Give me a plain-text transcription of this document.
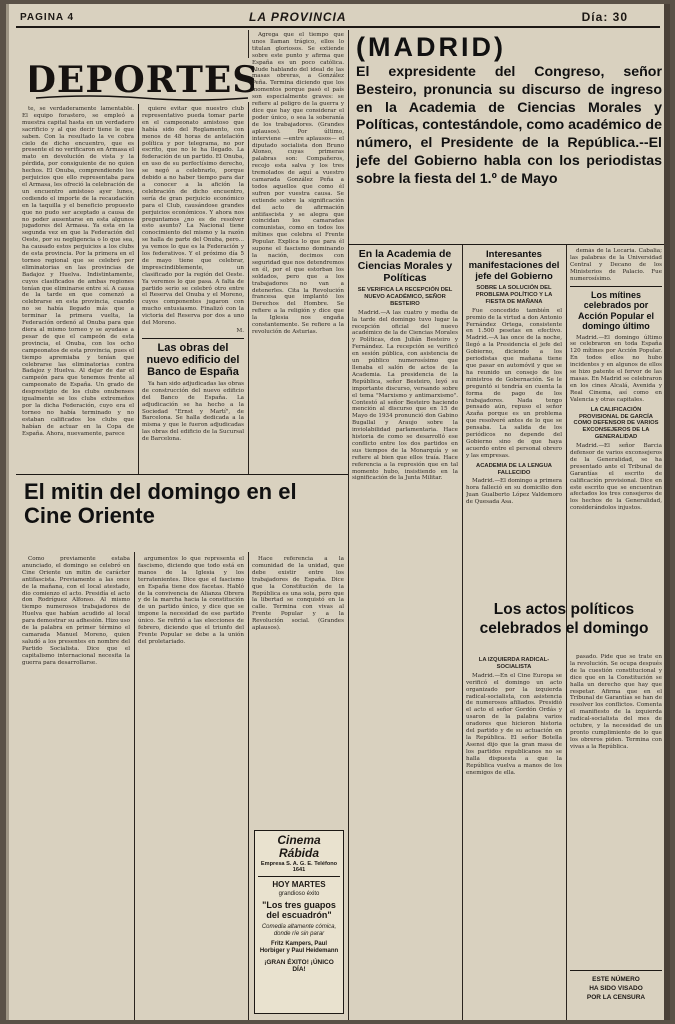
PAGINA 4	LA PROVINCIA	Día: 30
DEPORTES

te, se verdaderamente lamentable. El equipo forastero, se empleó a muestra capital hasta en un verdadero sacrificio y al que decir tiene le que saben. Con la resultado la ve cobra cielo de dicho encuentro, que es presente el no verificaron en Armasa el mato en devolución de vista y la pérdida, por consiguiente de no quien hechos. El Onuba, comprendiendo los perjuicios que ello representaba para el Armasa, les ofreció la celebración de un encuentro amistoso ayer lunes, cediendo el importe de la recaudación en la taquilla y el beneficio propuesto que no pudo ser aceptado a causa de no poder ausentarse en esta algunos jugadores del Armasa. Ya esta en la segunda vez en que la Federación del Oeste, por su negligencia o lo que sea, ha causado estos perjuicios a los clubs de esta provincia. Por la primera en el torneo regional que se celebró por eliminatorias en las provincias de Badajoz y Huelva. Indistintamente, cuyos clasificados de ambas regiones tenían que eliminarse entre sí. A causa de la tarde en que comenzó a celebrarse en esta provincia, cuando no se había llegado más que a terminar la primera vuelta, la Federación ordenó al Onuba para que diera al mismo torneo y se ayudase a pesar de que el campeón de esta provincia, el Onuba, con los ocho campeonatos de esta provincia, pues el tiempo apremiaba y tenían que celebrarse las eliminatorias contra Badajoz y Huelva. Al dejar de dar el campeón para que tenemos frente al campeonato de España. Un grado de desprestigio de los clubs onubenses igualmente se los clubs extremeños por la dicha Federación, cuyo era el torneo no había terminado y no estaban calificados los clubs que habían de actuar en la Copa de España. Ahora, nuevamente, parece

quiere evitar que nuestro club representativo pueda tomar parte en el campeonato amistoso que había sido del Reglamento, con menos de 48 horas de antelación política y por telegrama, no por escrito, que no le ha llegado. La federación de un partido. El Onuba, en uso de su perfectísimo derecho, se negó a celebrarlo, porque debido a no haber tiempo para dar a conocer a la afición la celebración de dicho encuentro, sería de gran perjuicio económico para el Club, causándose grandes perjuicios económicos. Y ahora nos preguntamos ¿no es de resolver esto asunto? La Nacional tiene conocimiento del mismo y la razón se halla de parte del Onuba, pero... ya vemos lo que es la Federación y los federativos. Y el próximo día 5 de mayo tiene que celebrar, imprescindiblemente, un clasificado por la región del Oeste. Ya veremos lo que pasa. A falta de partido serio se celebró otro entre el Reserva del Onuba y el Moreno, cuyos componentes jugaron con mucho entusiasmo. Finalizó con la victoria del Reserva por dos a uno del Moreno.

M.

Las obras del nuevo edificio del Banco de España

Ya han sido adjudicadas las obras de construcción del nuevo edificio del Banco de España. La adjudicación se ha hecho a la Sociedad "Ernst y Martí", de Barcelona. Se halla dedicada a la misma y que le fueron adjudicadas las obras del edificio de la Sucursal de Barcelona.

Agrega que el tiempo que unos llaman trágico, ellos lo titulan gloriosos. Se extiende sobre este punto y afirma que España es un poco católica. Alude hablando del ideal de las masas obreras, a González Peña. Termina diciendo que los momentos porque pasó el país son especialmente graves: se refiere al peligro de la guerra y dice que hay que considerar el poder único, o sea la soberanía de los trabajadores. (Grandes aplausos). Por último, interviene —entre aplausos— el diputado socialista don Bruno Alonso, cuyas primeras palabras son: Compañeros, recojo esta salva y los tres tremolados de aquí a vuestro camarada González Peña a todos aquellos que como él sufren por vuestra causa. Se extiende sobre la significación del acto de afirmación antifascista y se alegra que coincidan los camaradas comunistas, como en todos los mítines que celebra el Frente Popular. Explica lo que para él supone el fascismo dominando la nación, decimos con seguridad que nos detendremos en él, por el que estorban los soldados, pero que a los trabajadores no van a detenerles. Cita la Revolución francesa que implantó los Derechos del Hombre. Se refiere a la religión y dice que la Iglesia nos engaña constantemente. Se refiere a la revolución de Asturias.

El mitin del domingo en el Cine Oriente

Como previamente estaba anunciado, el domingo se celebró en Cine Oriente un mitin de carácter antifascista. Previamente a las once de la mañana, con el local atestado, dio comienzo el acto. Presidía el acto don Rodríguez Alfonso. Al mismo tiempo numerosos trabajadores de Huelva que habían acudido al local para demostrar su adhesión. Hizo uso de la palabra en primer término el camarada Manuel Moreno, quien saludó a los presentes en nombre del Partido Socialista. Dice que el capitalismo internacional necesita la guerra para desarrollarse.

argumentos lo que representa el fascismo, diciendo que todo está en manos de la Iglesia y los terratenientes. Dice que el fascismo en España tiene dos facetas. Habló de la convivencia de Alianza Obrera y de la marcha hacia la constitución de un partido único, y dice que se impone la necesidad de ese partido único. Se refirió a las elecciones de febrero, diciendo que el triunfo del Frente Popular se debe a la unión del proletariado.

Hace referencia a la comunidad de la unidad, que debe existir entre los trabajadores de España. Dice que la Constitución de la República es una sola, pero que la libertad se conquistó en la calle. Termina con vivas al Frente Popular y a la Revolución social. (Grandes aplausos).

Cinema Rábida
Empresa S. A. G. E. Teléfono 1641
HOY MARTES
grandioso éxito
"Los tres guapos del escuadrón"
Comedia altamente cómica, donde ríe sin parar
Fritz Kampers, Paul Horbiger y Paul Heidemann
¡GRAN ÉXITO! ¡ÚNICO DÍA!
(MADRID)
El expresidente del Congreso, señor Besteiro, pronuncia su discurso de ingreso en la Academia de Ciencias Morales y Políticas, contestándole, como académico de número, el Presidente de la República.--El jefe del Gobierno habla con los periodistas sobre la fiesta del 1.º de Mayo
En la Academia de Ciencias Morales y Políticas
SE VERIFICA LA RECEPCIÓN DEL NUEVO ACADÉMICO, SEÑOR BESTEIRO

Madrid.—A las cuatro y media de la tarde del domingo tuvo lugar la recepción oficial del nuevo académico de la de Ciencias Morales y Políticas, don Julián Besteiro y Fernández. La recepción se verificó en sesión pública, con asistencia de un público numerosísimo que llenaba el salón de actos de la Academia. La presidencia de la República, señor Besteiro, leyó su importante discurso, versando sobre el tema "Marxismo y antimarxismo". Contestó al señor Besteiro haciendo mención al discurso que en 15 de Mayo de 1934 pronunció don Gabino Bugallal y Araujo sobre la inviolabilidad parlamentaria. Hace historia de como se desarrolló ese conflicto entre los dos partidos en sus tiempos de la Monarquía y se refiere al bien que ellos traía. Hace referencia a la represión que en tal momento hubo, insistiendo en la significación de la Junta Militar.

Interesantes manifestaciones del jefe del Gobierno
SOBRE LA SOLUCIÓN DEL PROBLEMA POLÍTICO Y LA FIESTA DE MAÑANA

Fue concedido también el premio de la virtud a don Antonio Fernández Ortega, consistente en 1.500 pesetas en efectivo. Madrid.—A las once de la noche, llegó a la Presidencia el jefe del Gobierno, diciendo a los periodistas que mañana tiene que pasar en automóvil y que se ha reunido un consejo de los ministros de Gobernación. Se le preguntó si tendría en cuenta la forma de pago de los trabajadores. Nada tengo pensado aún, repuso el señor Azaña porque es un problema que resolveré antes de lo que se pensaba. La salida de los periódicos no depende del Gobierno sino de que haya acuerdo entre el personal obrero y las empresas.

ACADEMIA DE LA LENGUA FALLECIDO

Madrid.—El domingo a primera hora falleció en su domicilio don Juan Gualberto López Valdemoro de Quesada Asa.

Los actos políticos celebrados el domingo
LA IZQUIERDA RADICAL-SOCIALISTA

Madrid.—En el Cine Europa se verificó el domingo un acto organizado por la izquierda radical-socialista, con asistencia de numerosos afiliados. Presidió el acto el señor Gordón Ordás y usaron de la palabra varios oradores que hicieron historia del partido y de su actuación en la República. El señor Botella Asensi dijo que la gran masa de los partidos republicanos no se halla dispuesta a que la República vuelva a manos de los enemigos de ella.

demás de la Lecaria. Cabalia; las palabras de la Universidad Central y Decano de los Ministerios de Palacio. Fue numerosísimo.

Los mítines celebrados por Acción Popular el domingo último

Madrid.—El domingo último se celebraron en toda España 120 mítines por Acción Popular. En todos ellos no hubo incidentes y en algunos de ellos se hizo patente el fervor de las masas. En Madrid se celebraron en los cines Alcalá, Avenida y Real Cinema, así como en Valencia y otras capitales.

LA CALIFICACIÓN PROVISIONAL DE GARCÍA COMO DEFENSOR DE VARIOS EXCONSEJEROS DE LA GENERALIDAD

Madrid.—El señor Barcia defensor de varios exconsejeros de la Generalidad, se ha presentado ante el Tribunal de Garantías el escrito de calificación provisional. Dice en este escrito que se encuentran afectados los tres consejeros de los hechos de la Generalidad, considerándolos injustos.

pasado. Pide que se trate en la revolución. Se ocupa después de la cuestión constitucional y dice que en la Constitución se halla un derecho que hay que respetar. Afirma que en el Tribunal de Garantías se han de resolver los conflictos. Comenta el manifiesto de la izquierda radical-socialista del mes de octubre, y la necesidad de un pronto cumplimiento de lo que los obreros piden. Termina con vivas a la República.

ESTE NÚMERO
HA SIDO VISADO
POR LA CENSURA
